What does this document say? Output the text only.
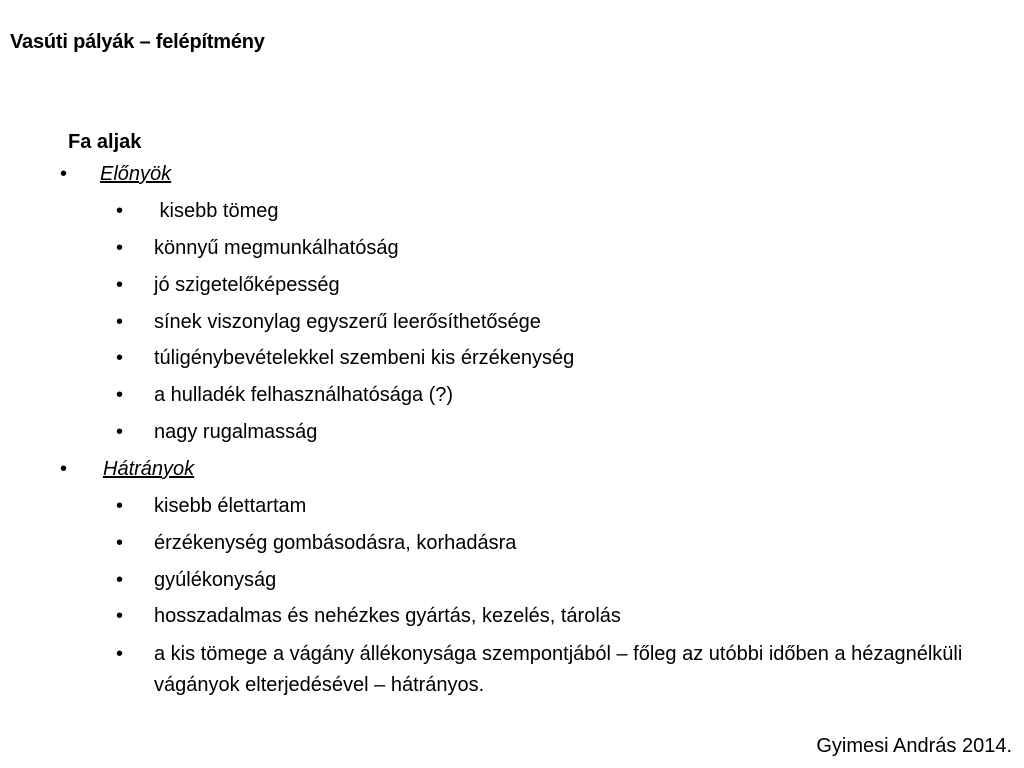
Vasúti pályák – felépítmény
Fa aljak
• Előnyök
• kisebb tömeg
• könnyű megmunkálhatóság
• jó szigetelőképesség
• sínek viszonylag egyszerű leerősíthetősége
• túligénybevételekkel szembeni kis érzékenység
• a hulladék felhasználhatósága (?)
• nagy rugalmasság
• Hátrányok
• kisebb élettartam
• érzékenység gombásodásra, korhadásra
• gyúlékonyság
• hosszadalmas és nehézkes gyártás, kezelés, tárolás
• a kis tömege a vágány állékonysága szempontjából – főleg az utóbbi időben a hézagnélküli vágányok elterjedésével – hátrányos.
Gyimesi András 2014.
